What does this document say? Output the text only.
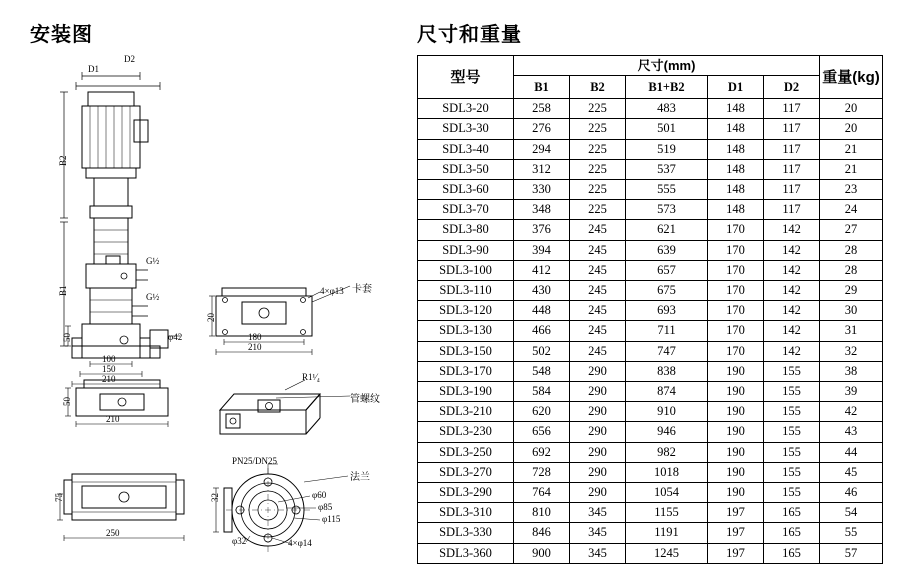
安装图
D1
D2
B2
B1
G½
G½
50	φ42
100
150
210
卡套
4×φ13
20
180
210
50
210
R1¹⁄₄
管螺纹
75
250
PN25/DN25
法兰
φ60
φ85
φ115
32
φ32	4×φ14
尺寸和重量
型号	尺寸(mm)					重量(kg)
	B1	B2	B1+B2	D1	D2	
SDL3-20	258	225	483	148	117	20
SDL3-30	276	225	501	148	117	20
SDL3-40	294	225	519	148	117	21
SDL3-50	312	225	537	148	117	21
SDL3-60	330	225	555	148	117	23
SDL3-70	348	225	573	148	117	24
SDL3-80	376	245	621	170	142	27
SDL3-90	394	245	639	170	142	28
SDL3-100	412	245	657	170	142	28
SDL3-110	430	245	675	170	142	29
SDL3-120	448	245	693	170	142	30
SDL3-130	466	245	711	170	142	31
SDL3-150	502	245	747	170	142	32
SDL3-170	548	290	838	190	155	38
SDL3-190	584	290	874	190	155	39
SDL3-210	620	290	910	190	155	42
SDL3-230	656	290	946	190	155	43
SDL3-250	692	290	982	190	155	44
SDL3-270	728	290	1018	190	155	45
SDL3-290	764	290	1054	190	155	46
SDL3-310	810	345	1155	197	165	54
SDL3-330	846	345	1191	197	165	55
SDL3-360	900	345	1245	197	165	57
